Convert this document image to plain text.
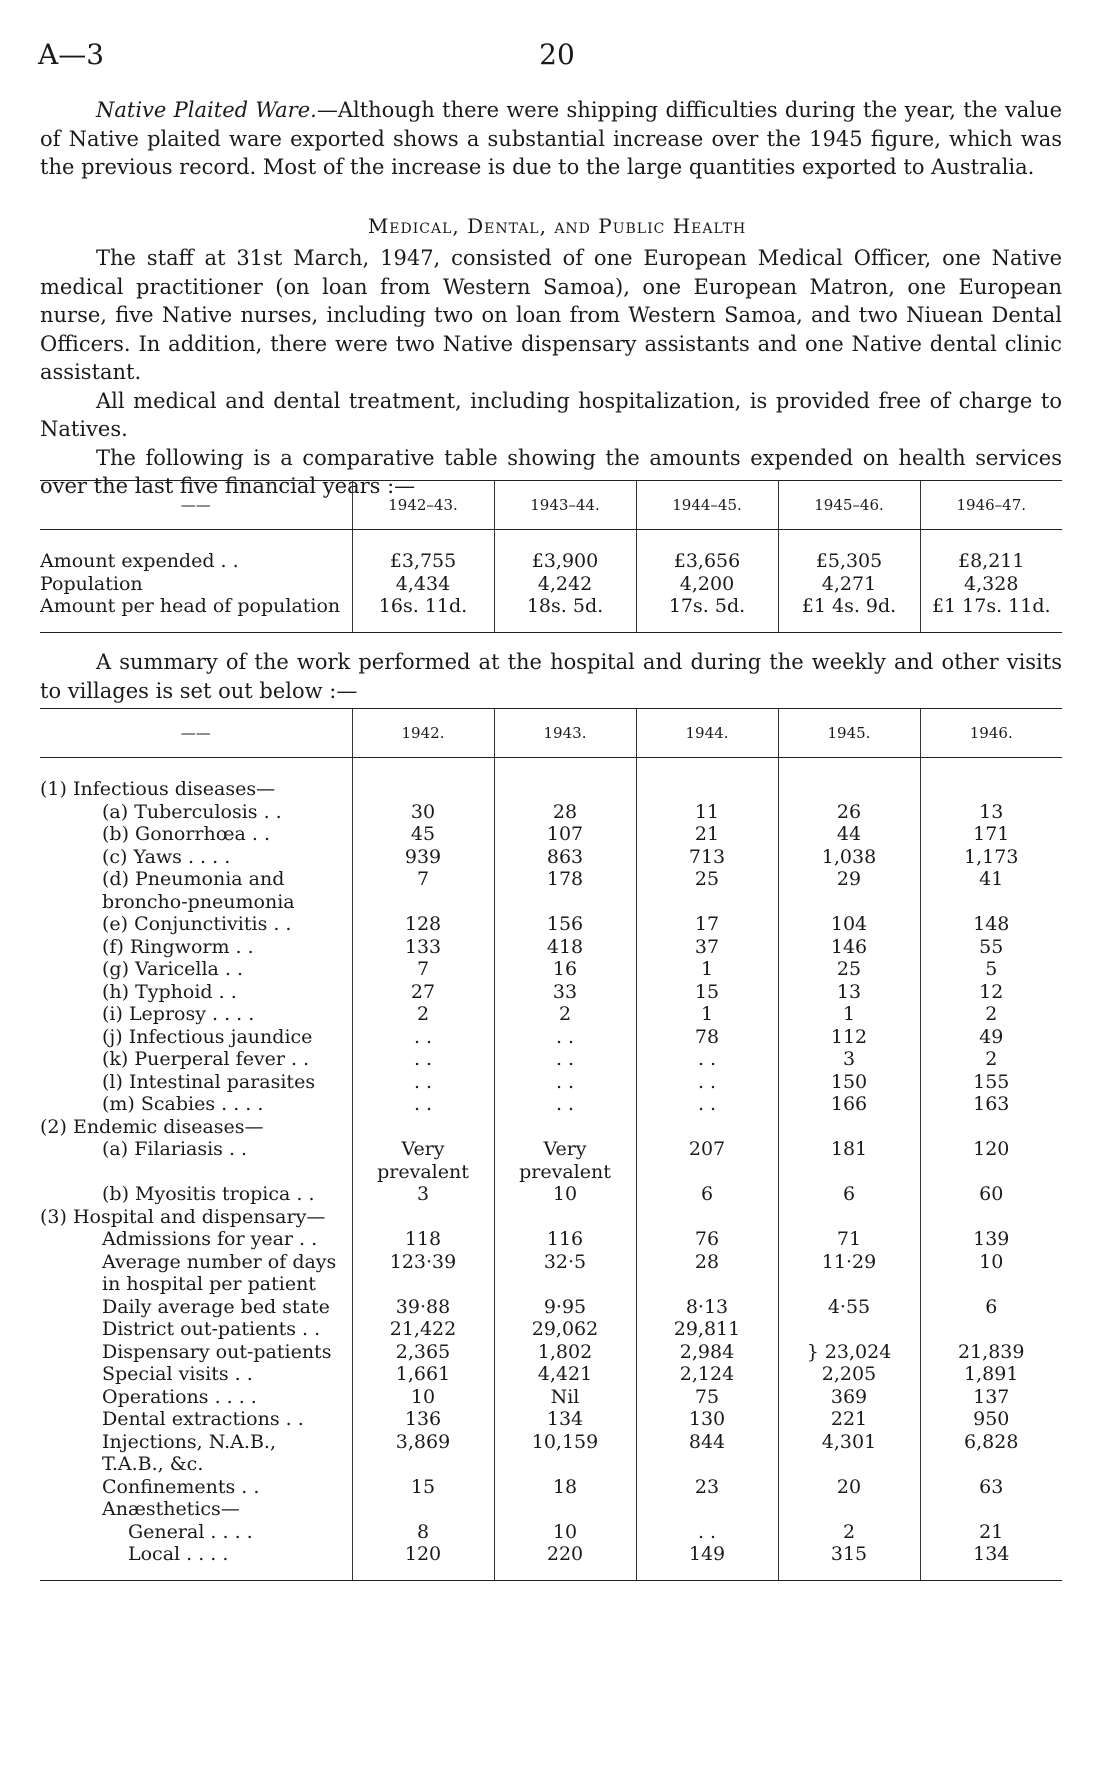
A—3	20

Native Plaited Ware.—Although there were shipping difficulties during the year, the value of Native plaited ware exported shows a substantial increase over the 1945 figure, which was the previous record. Most of the increase is due to the large quantities exported to Australia.

Medical, Dental, and Public Health

The staff at 31st March, 1947, consisted of one European Medical Officer, one Native medical practitioner (on loan from Western Samoa), one European Matron, one European nurse, five Native nurses, including two on loan from Western Samoa, and two Niuean Dental Officers. In addition, there were two Native dispensary assistants and one Native dental clinic assistant.

All medical and dental treatment, including hospitalization, is provided free of charge to Natives.

The following is a comparative table showing the amounts expended on health services over the last five financial years :—

——	1942–43.	1943–44.	1944–45.	1945–46.	1946–47.

Amount expended . .	£3,755	£3,900	£3,656	£5,305	£8,211
Population	4,434	4,242	4,200	4,271	4,328
Amount per head of population	16s. 11d.	18s. 5d.	17s. 5d.	£1 4s. 9d.	£1 17s. 11d.

A summary of the work performed at the hospital and during the weekly and other visits to villages is set out below :—

——	1942.	1943.	1944.	1945.	1946.

(1) Infectious diseases—					
(a) Tuberculosis . .	30	28	11	26	13
(b) Gonorrhœa . .	45	107	21	44	171
(c) Yaws . . . .	939	863	713	1,038	1,173
(d) Pneumonia and	7	178	25	29	41
broncho-pneumonia					
(e) Conjunctivitis . .	128	156	17	104	148
(f) Ringworm . .	133	418	37	146	55
(g) Varicella . .	7	16	1	25	5
(h) Typhoid . .	27	33	15	13	12
(i) Leprosy . . . .	2	2	1	1	2
(j) Infectious jaundice	. .	. .	78	112	49
(k) Puerperal fever . .	. .	. .	. .	3	2
(l) Intestinal parasites	. .	. .	. .	150	155
(m) Scabies . . . .	. .	. .	. .	166	163
(2) Endemic diseases—					
(a) Filariasis . .	Very	Very	207	181	120
	prevalent	prevalent			
(b) Myositis tropica . .	3	10	6	6	60
(3) Hospital and dispensary—					
Admissions for year . .	118	116	76	71	139
Average number of days	123·39	32·5	28	11·29	10
in hospital per patient					
Daily average bed state	39·88	9·95	8·13	4·55	6
District out-patients . .	21,422	29,062	29,811		
Dispensary out-patients	2,365	1,802	2,984	} 23,024	21,839
Special visits . .	1,661	4,421	2,124	2,205	1,891
Operations . . . .	10	Nil	75	369	137
Dental extractions . .	136	134	130	221	950
Injections, N.A.B.,	3,869	10,159	844	4,301	6,828
T.A.B., &c.					
Confinements . .	15	18	23	20	63
Anæsthetics—					
General . . . .	8	10	. .	2	21
Local . . . .	120	220	149	315	134
